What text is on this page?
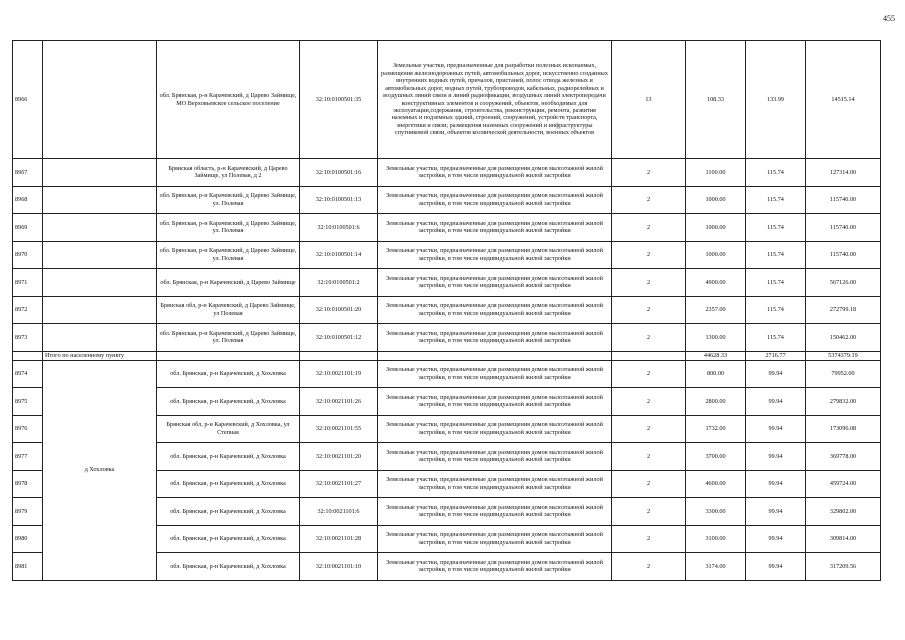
455
8966		обл. Брянская, р-н Карачевский, д Царево Займище, МО Верховьевское сельское поселение	32:10:0100501:35	Земельные участки, предназначенные для разработки полезных ископаемых, размещения железнодорожных путей, автомобильных дорог, искусственно созданных внутренних водных путей, причалов, пристаней, полос отвода железных и автомобильных дорог, водных путей, трубопроводов, кабельных, радиорелейных и воздушных линий связи и линий радиофикации, воздушных линий электропередачи конструктивных элементов и сооружений, объектов, необходимых для эксплуатации,содержания, строительства, реконструкции, ремонта, развития наземных и подземных зданий, строений, сооружений, устройств транспорта, энергетики и связи; размещения наземных сооружений и инфраструктуры спутниковой связи, объектов космической деятельности, военных объектов	13	108.33	133.99	14515.14
8967		Брянская область, р-н Карачевский, д Царево Займище, ул Полевая, д 2	32:10:0100501:16	Земельные участки, предназначенные для размещения домов малоэтажной жилой застройки, в том числе индивидуальной жилой застройки	2	1100.00	115.74	127314.00
8968		обл. Брянская, р-н Карачевский, д Царево Займище, ул. Полевая	32:10:0100501:13	Земельные участки, предназначенные для размещения домов малоэтажной жилой застройки, в том числе индивидуальной жилой застройки	2	1000.00	115.74	115740.00
8969		обл. Брянская, р-н Карачевский, д Царево Займище, ул. Полевая	32:10:0100501:6	Земельные участки, предназначенные для размещения домов малоэтажной жилой застройки, в том числе индивидуальной жилой застройки	2	1000.00	115.74	115740.00
8970		обл. Брянская, р-н Карачевский, д Царево Займище, ул. Полевая	32:10:0100501:14	Земельные участки, предназначенные для размещения домов малоэтажной жилой застройки, в том числе индивидуальной жилой застройки	2	1000.00	115.74	115740.00
8971		обл. Брянская, р-н Карачевский, д Царево Займище	32:10:0100501:2	Земельные участки, предназначенные для размещения домов малоэтажной жилой застройки, в том числе индивидуальной жилой застройки	2	4900.00	115.74	567126.00
8972		Брянская обл, р-н Карачевский, д Царево Займище, ул Полевая	32:10:0100501:20	Земельные участки, предназначенные для размещения домов малоэтажной жилой застройки, в том числе индивидуальной жилой застройки	2	2357.00	115.74	272799.18
8973		обл. Брянская, р-н Карачевский, д Царево Займище, ул. Полевая	32:10:0100501:12	Земельные участки, предназначенные для размещения домов малоэтажной жилой застройки, в том числе индивидуальной жилой застройки	2	1300.00	115.74	150462.00
	Итого по населенному пункту					44628.33	2716.77	5374379.19
8974	д Хохловка	обл. Брянская, р-н Карачевский, д Хохловка	32:10:0021101:19	Земельные участки, предназначенные для размещения домов малоэтажной жилой застройки, в том числе индивидуальной жилой застройки	2	800.00	99.94	79952.00
8975		обл. Брянская, р-н Карачевский, д Хохловка	32:10:0021101:26	Земельные участки, предназначенные для размещения домов малоэтажной жилой застройки, в том числе индивидуальной жилой застройки	2	2800.00	99.94	279832.00
8976		Брянская обл, р-н Карачевский, д Хохловка, ул Степная	32:10:0021101:55	Земельные участки, предназначенные для размещения домов малоэтажной жилой застройки, в том числе индивидуальной жилой застройки	2	1732.00	99.94	173096.08
8977		обл. Брянская, р-н Карачевский, д Хохловка	32:10:0021101:20	Земельные участки, предназначенные для размещения домов малоэтажной жилой застройки, в том числе индивидуальной жилой застройки	2	3700.00	99.94	369778.00
8978		обл. Брянская, р-н Карачевский, д Хохловка	32:10:0021101:27	Земельные участки, предназначенные для размещения домов малоэтажной жилой застройки, в том числе индивидуальной жилой застройки	2	4600.00	99.94	459724.00
8979		обл. Брянская, р-н Карачевский, д Хохловка	32:10:0021101:6	Земельные участки, предназначенные для размещения домов малоэтажной жилой застройки, в том числе индивидуальной жилой застройки	2	3300.00	99.94	329802.00
8980		обл. Брянская, р-н Карачевский, д Хохловка	32:10:0021101:28	Земельные участки, предназначенные для размещения домов малоэтажной жилой застройки, в том числе индивидуальной жилой застройки	2	3100.00	99.94	309814.00
8981		обл. Брянская, р-н Карачевский, д Хохловка	32:10:0021101:10	Земельные участки, предназначенные для размещения домов малоэтажной жилой застройки, в том числе индивидуальной жилой застройки	2	3174.00	99.94	317209.56
